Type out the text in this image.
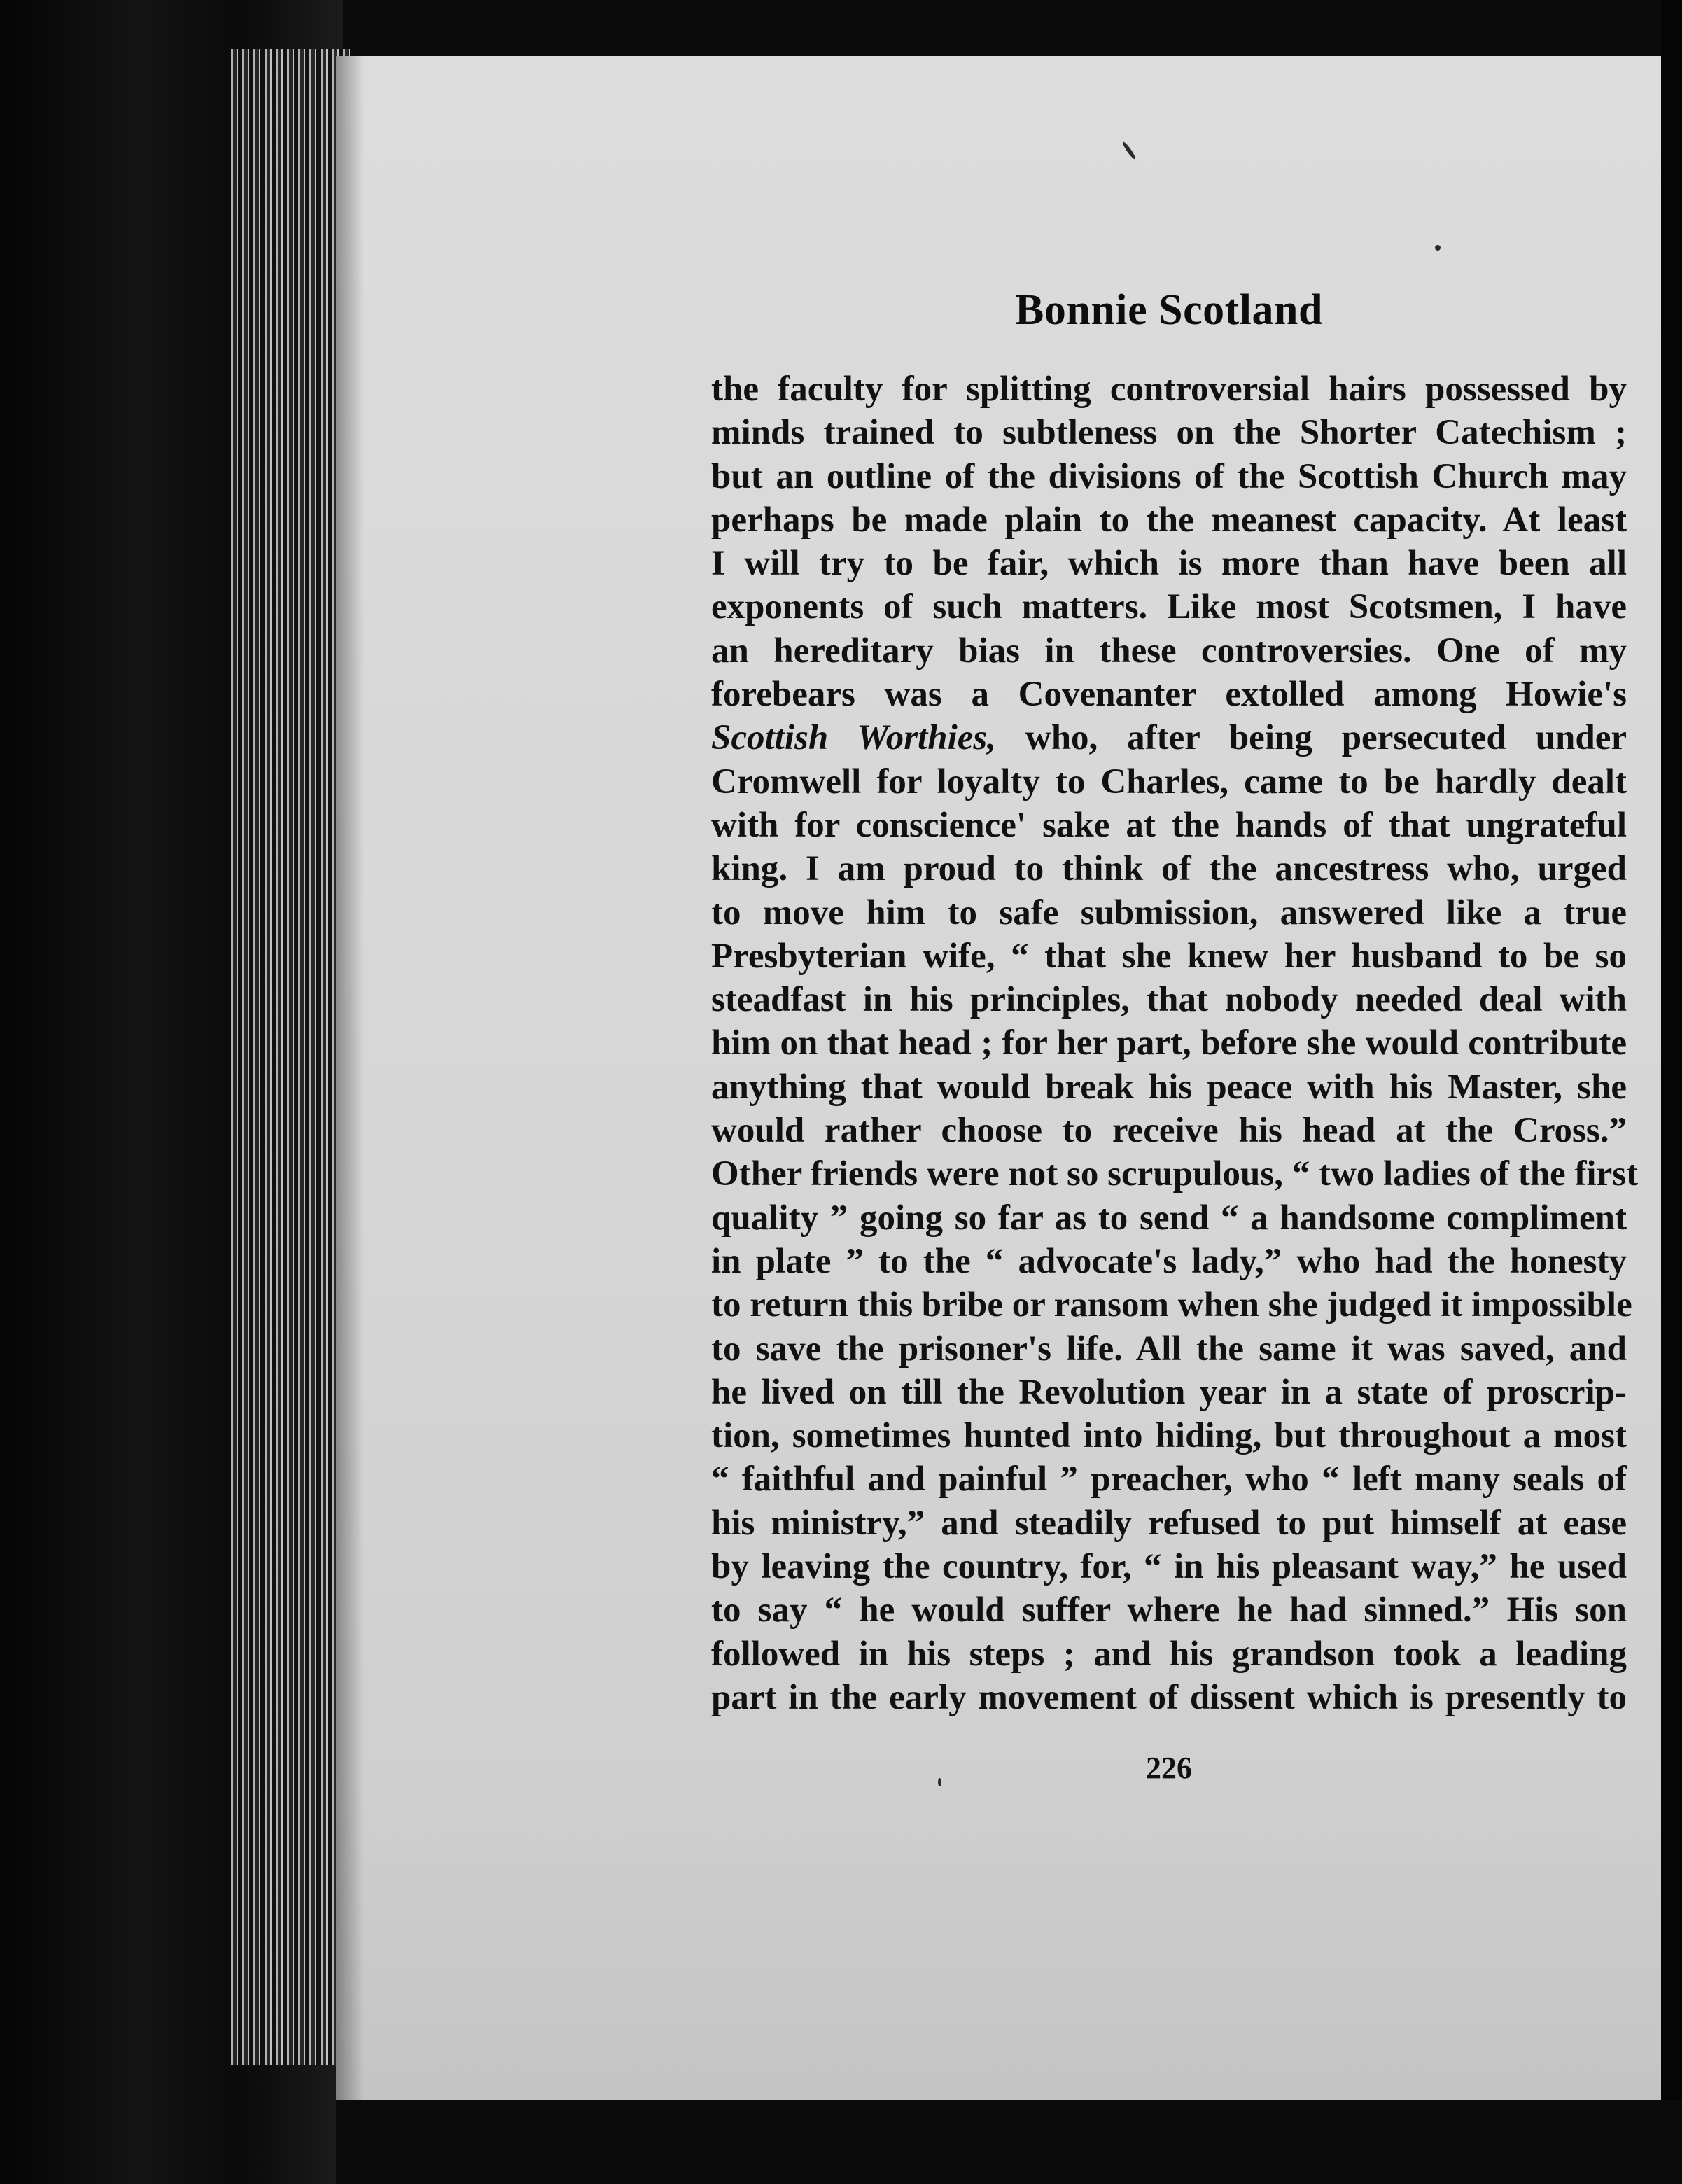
Bonnie Scotland
the faculty for splitting controversial hairs possessed by
minds trained to subtleness on the Shorter Catechism ;
but an outline of the divisions of the Scottish Church may
perhaps be made plain to the meanest capacity. At least
I will try to be fair, which is more than have been all
exponents of such matters. Like most Scotsmen, I have
an hereditary bias in these controversies. One of my
forebears was a Covenanter extolled among Howie's
Scottish Worthies, who, after being persecuted under
Cromwell for loyalty to Charles, came to be hardly dealt
with for conscience' sake at the hands of that ungrateful
king. I am proud to think of the ancestress who, urged
to move him to safe submission, answered like a true
Presbyterian wife, “ that she knew her husband to be so
steadfast in his principles, that nobody needed deal with
him on that head ; for her part, before she would contribute
anything that would break his peace with his Master, she
would rather choose to receive his head at the Cross.”
Other friends were not so scrupulous, “ two ladies of the first
quality ” going so far as to send “ a handsome compliment
in plate ” to the “ advocate's lady,” who had the honesty
to return this bribe or ransom when she judged it impossible
to save the prisoner's life. All the same it was saved, and
he lived on till the Revolution year in a state of proscrip-
tion, sometimes hunted into hiding, but throughout a most
“ faithful and painful ” preacher, who “ left many seals of
his ministry,” and steadily refused to put himself at ease
by leaving the country, for, “ in his pleasant way,” he used
to say “ he would suffer where he had sinned.” His son
followed in his steps ; and his grandson took a leading
part in the early movement of dissent which is presently to
226
